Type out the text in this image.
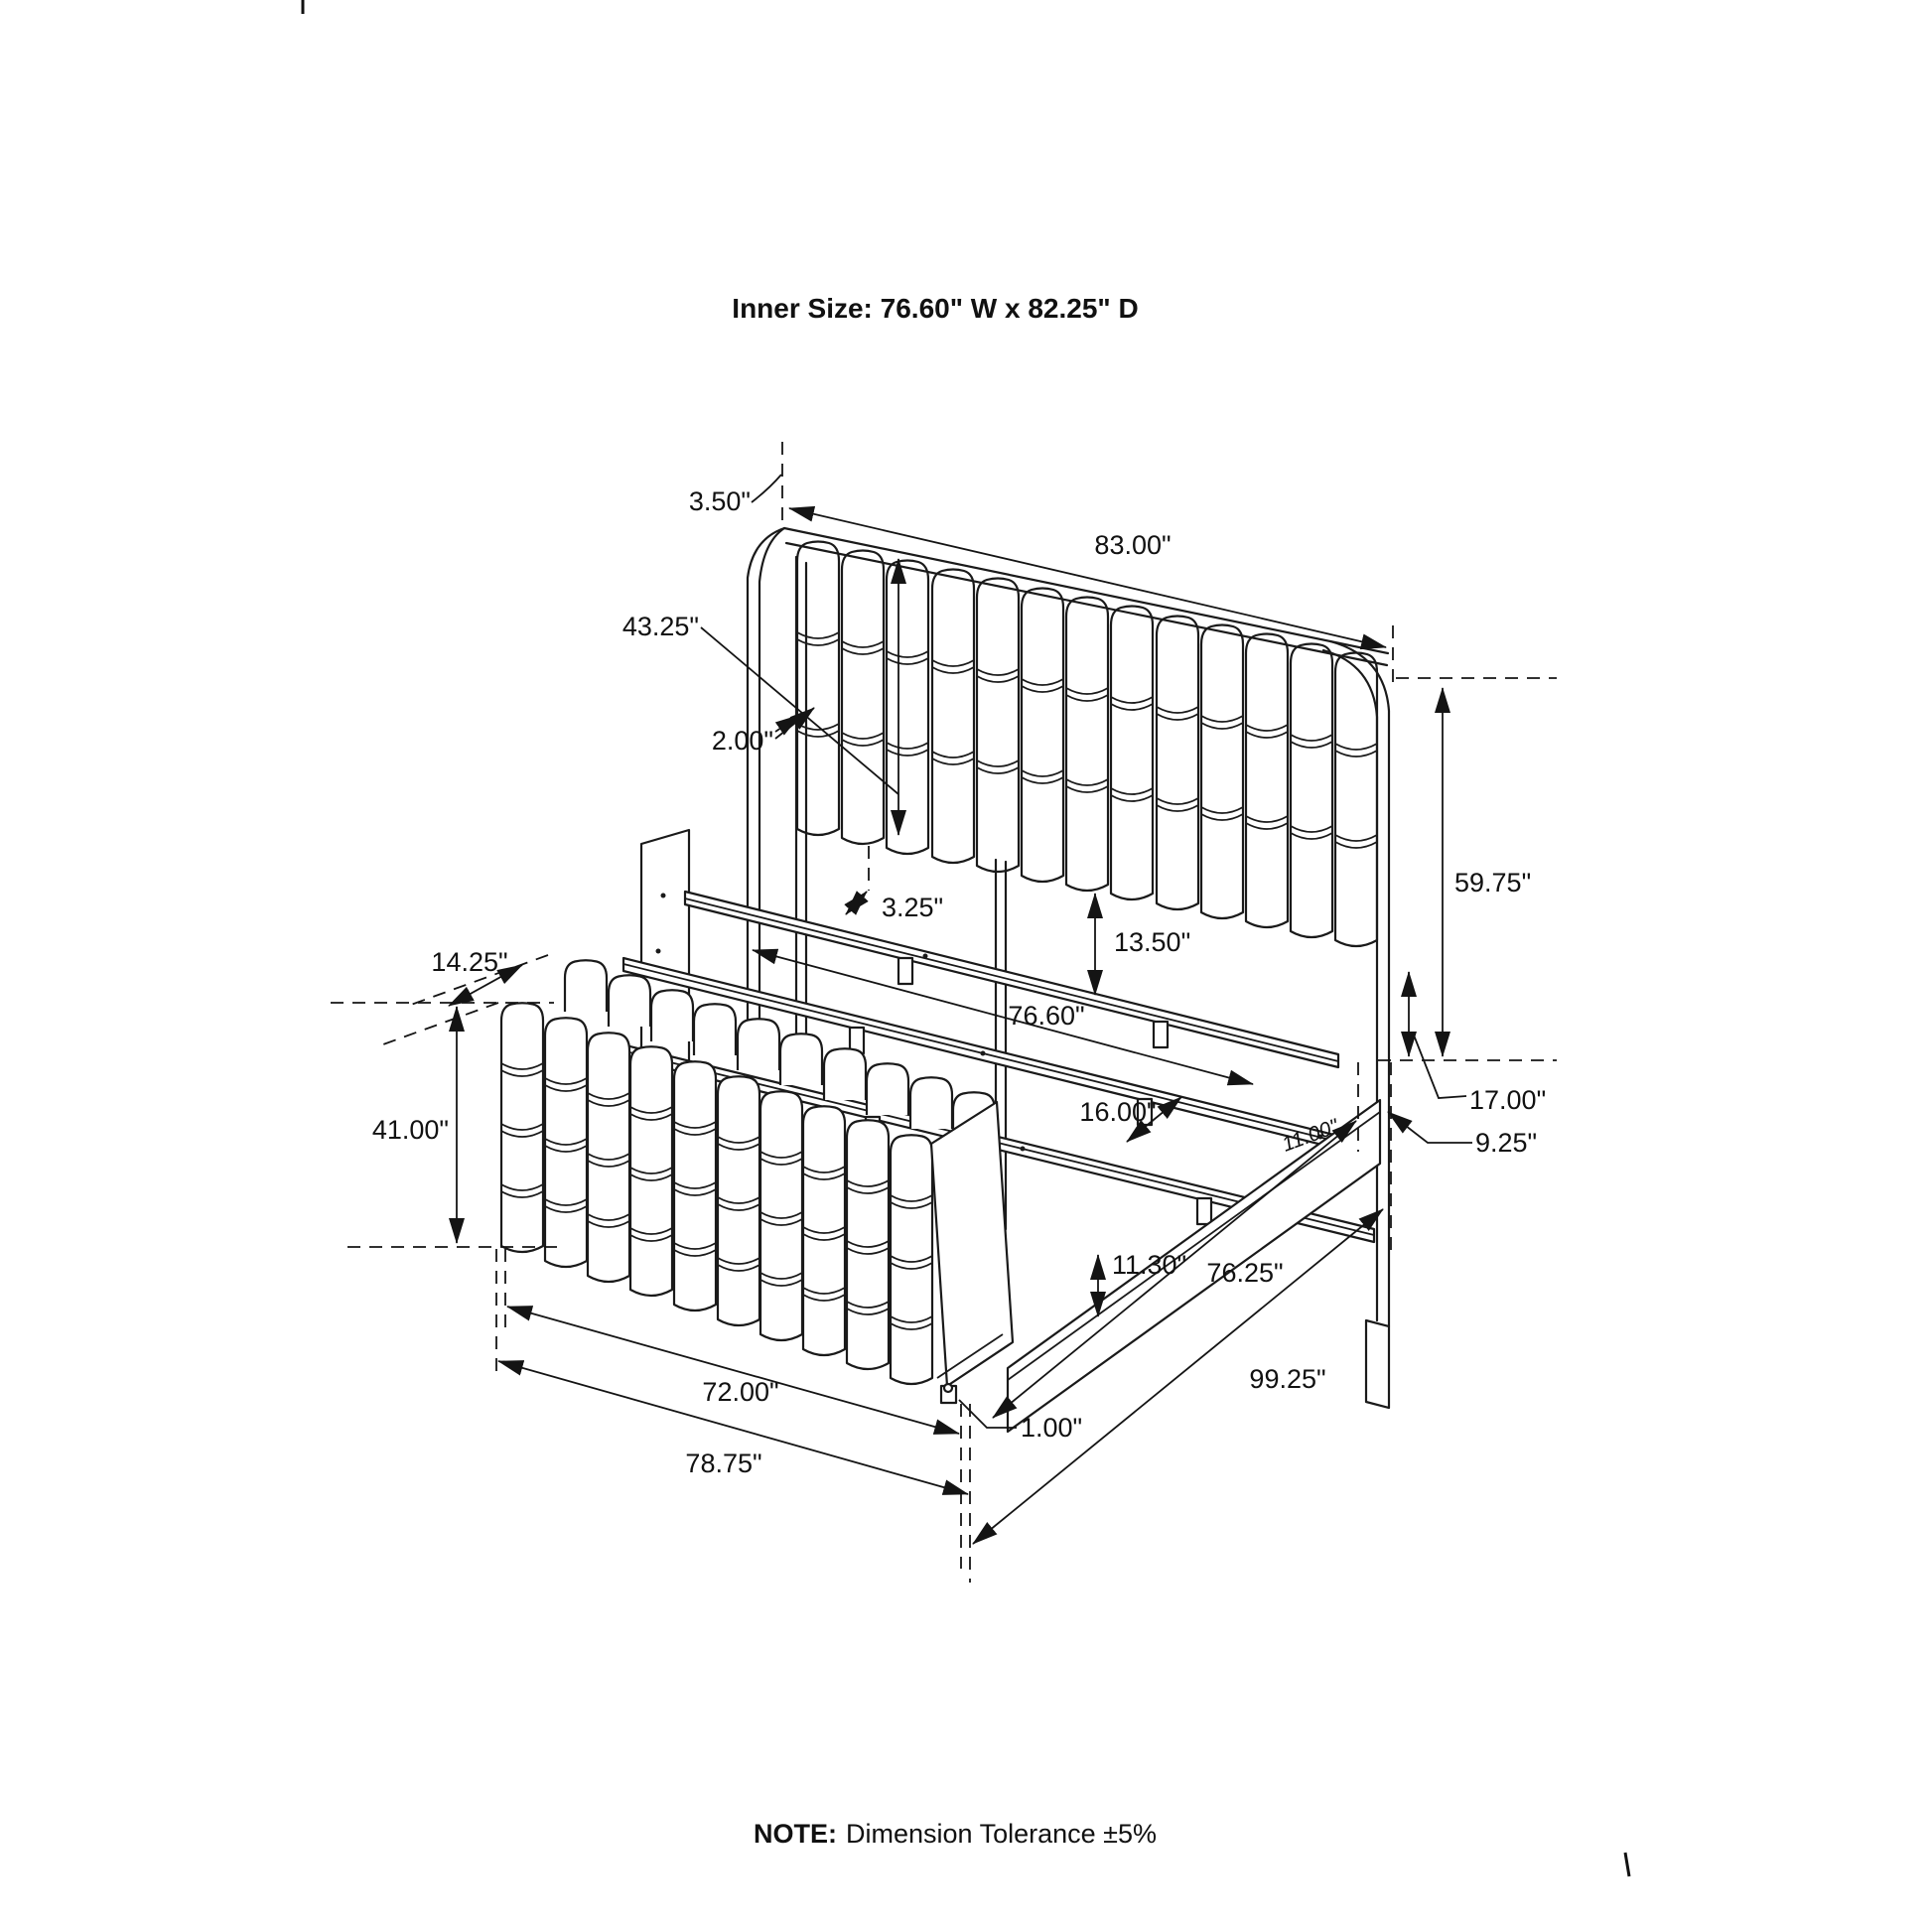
3.50"
83.00"
43.25"
2.00"
59.75"
13.50"
3.25"
76.60"
14.25"
41.00"
16.00"	17.00"
9.25"
11.00"
11.30" 76.25"
99.25"
72.00"
78.75"
1.00"
Inner Size: 76.60" W x 82.25" D
NOTE: Dimension Tolerance ±5%
